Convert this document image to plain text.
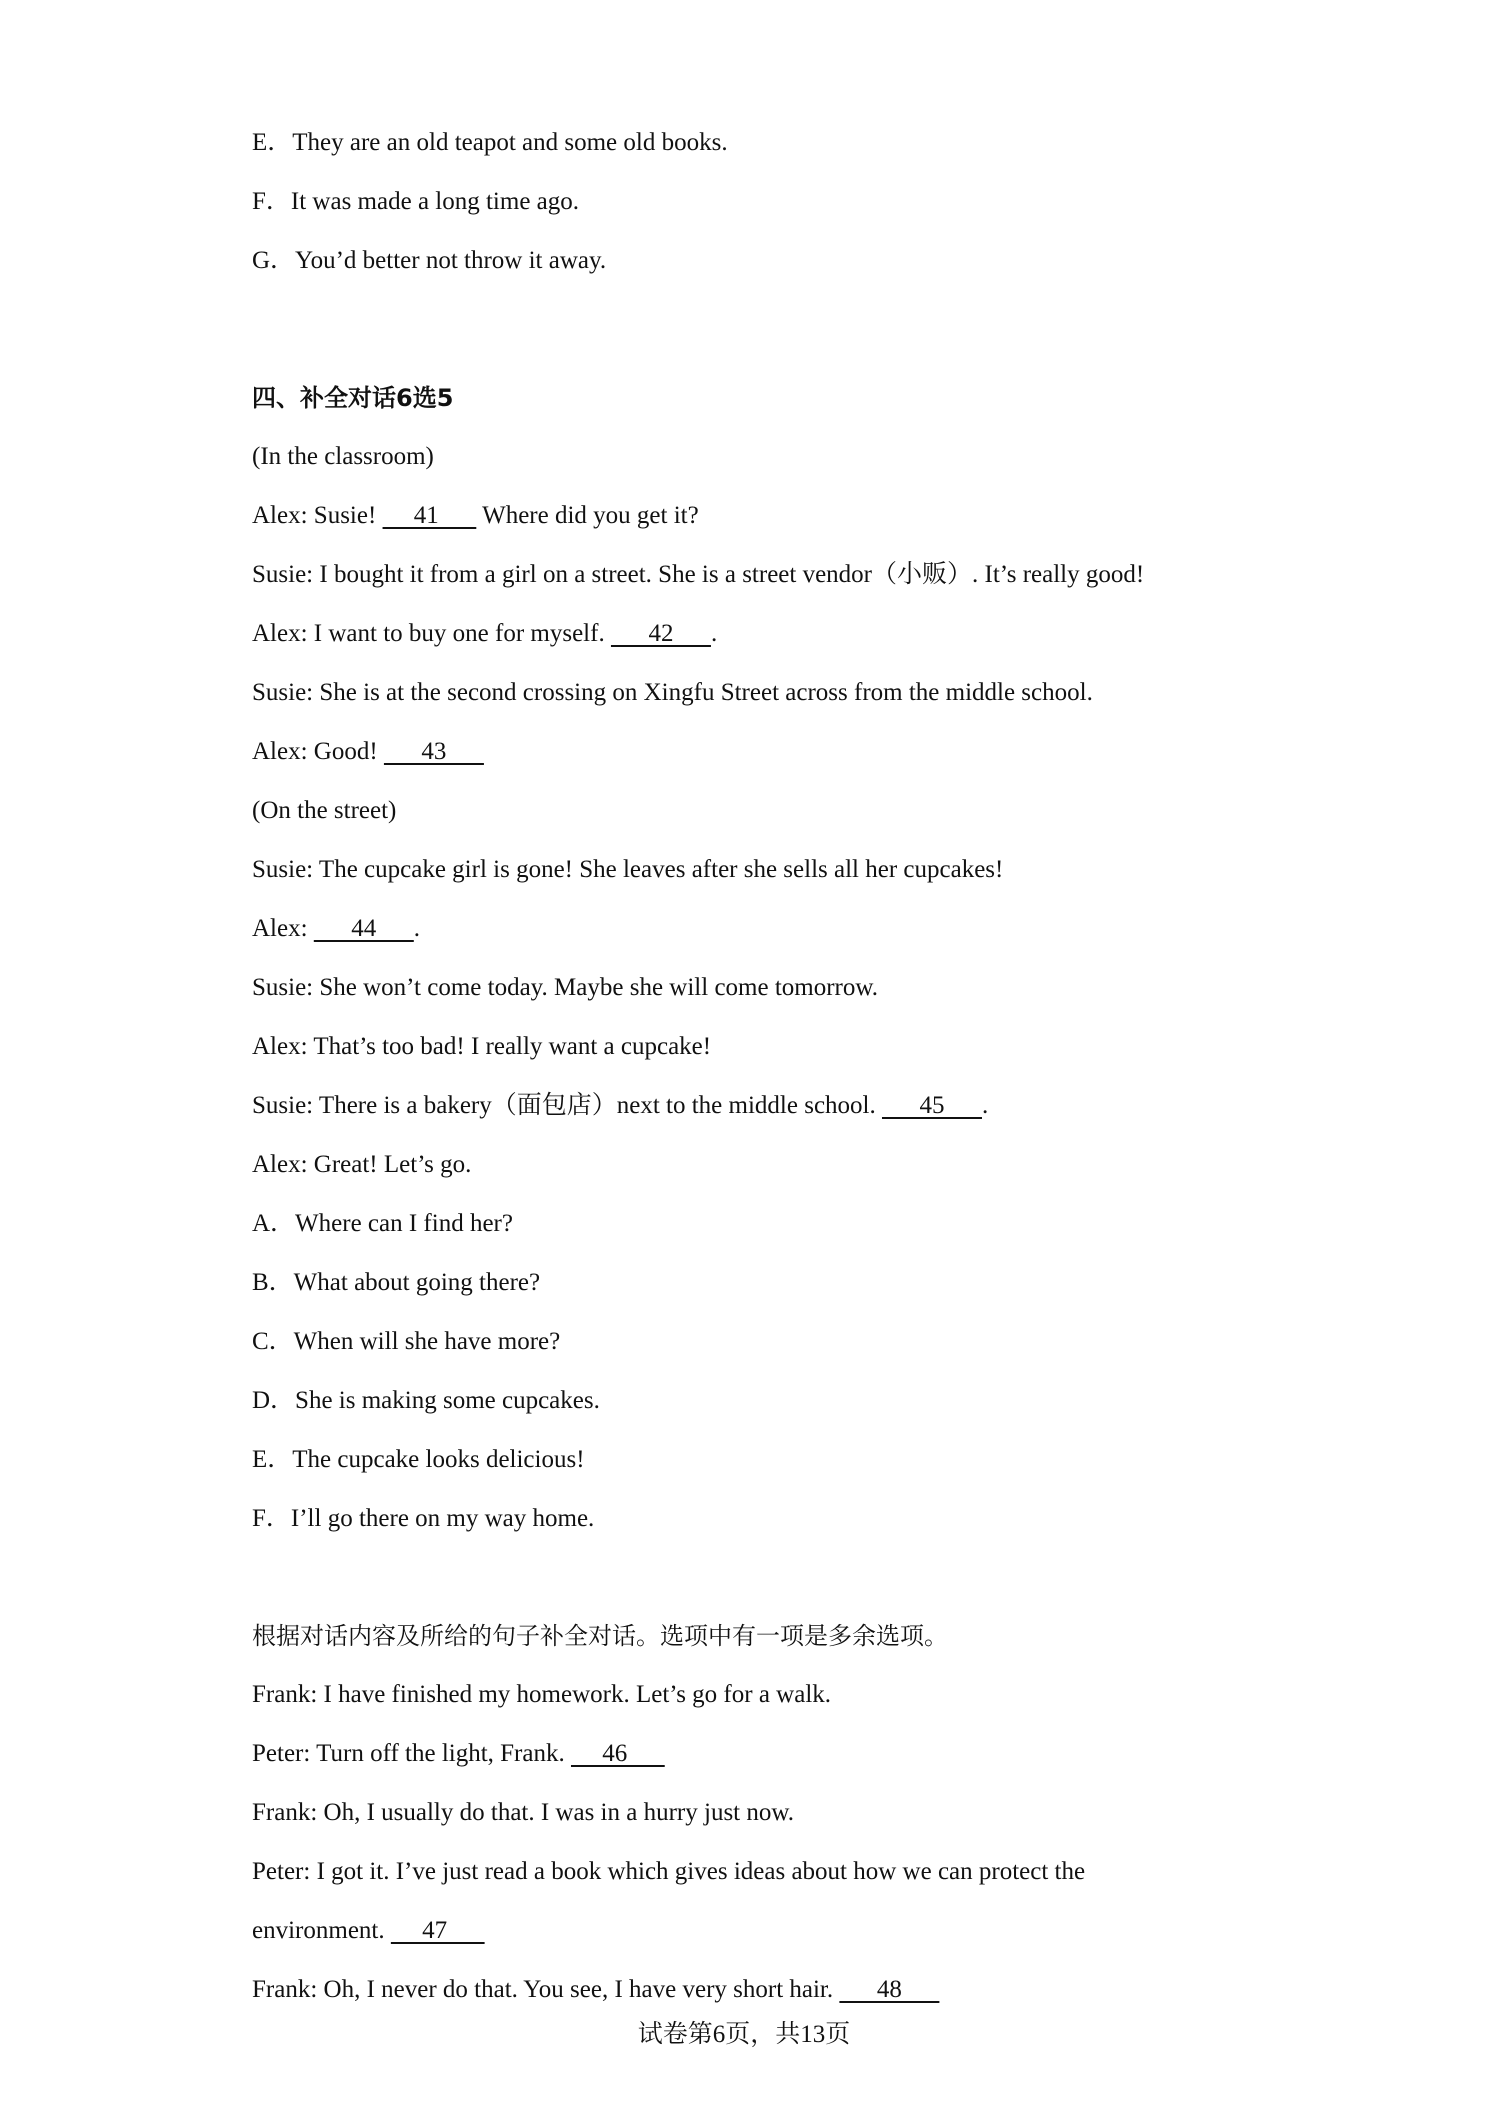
E．They are an old teapot and some old books.

F．It was made a long time ago.

G．You’d better not throw it away.

四、补全对话6选5

(In the classroom)

Alex: Susie!      41       Where did you get it?

Susie: I bought it from a girl on a street. She is a street vendor（小贩）. It’s really good!

Alex: I want to buy one for myself.       42      .

Susie: She is at the second crossing on Xingfu Street across from the middle school.

Alex: Good!       43

(On the street)

Susie: The cupcake girl is gone! She leaves after she sells all her cupcakes!

Alex:       44      .

Susie: She won’t come today. Maybe she will come tomorrow.

Alex: That’s too bad! I really want a cupcake!

Susie: There is a bakery（面包店）next to the middle school.       45      .

Alex: Great! Let’s go.

A．Where can I find her?

B．What about going there?

C．When will she have more?

D．She is making some cupcakes.

E．The cupcake looks delicious!

F．I’ll go there on my way home.

根据对话内容及所给的句子补全对话。选项中有一项是多余选项。

Frank: I have finished my homework. Let’s go for a walk.

Peter: Turn off the light, Frank.      46

Frank: Oh, I usually do that. I was in a hurry just now.

Peter: I got it. I’ve just read a book which gives ideas about how we can protect the

environment.      47

Frank: Oh, I never do that. You see, I have very short hair.       48

试卷第6页，共13页
